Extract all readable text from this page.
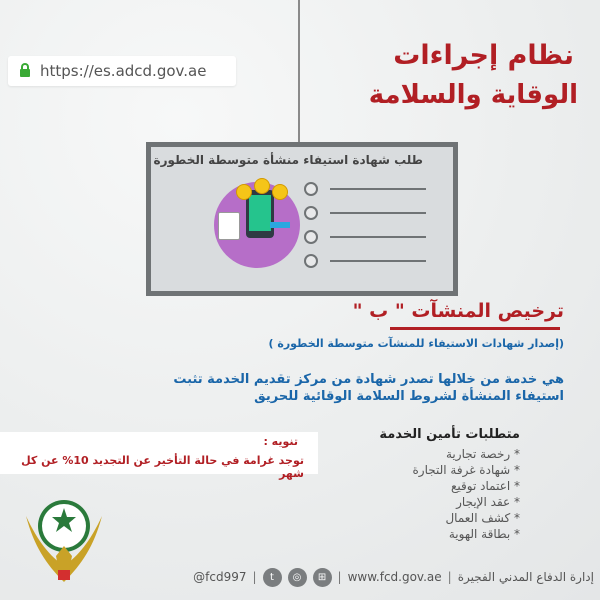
https://es.adcd.gov.ae	نظام إجراءات
الوقاية والسلامة
طلب شهادة استيفاء منشأة متوسطة الخطورة
ترخيص المنشآت " ب "
(إصدار شهادات الاستيفاء للمنشآت متوسطة الخطورة )
هي خدمة من خلالها تصدر شهادة من مركز تقديم الخدمة تثبت
استيفاء المنشأة لشروط السلامة الوقائية للحريق
تنويه :
توجد غرامة في حالة التأخير عن التجديد 10% عن كل شهر
متطلبات تأمين الخدمة
* رخصة تجارية
* شهادة غرفة التجارة
* اعتماد توقيع
* عقد الإيجار
* كشف العمال
* بطاقة الهوية
@fcd997 |	t	◎	⊞ | www.fcd.gov.ae | إدارة الدفاع المدني الفجيرة
